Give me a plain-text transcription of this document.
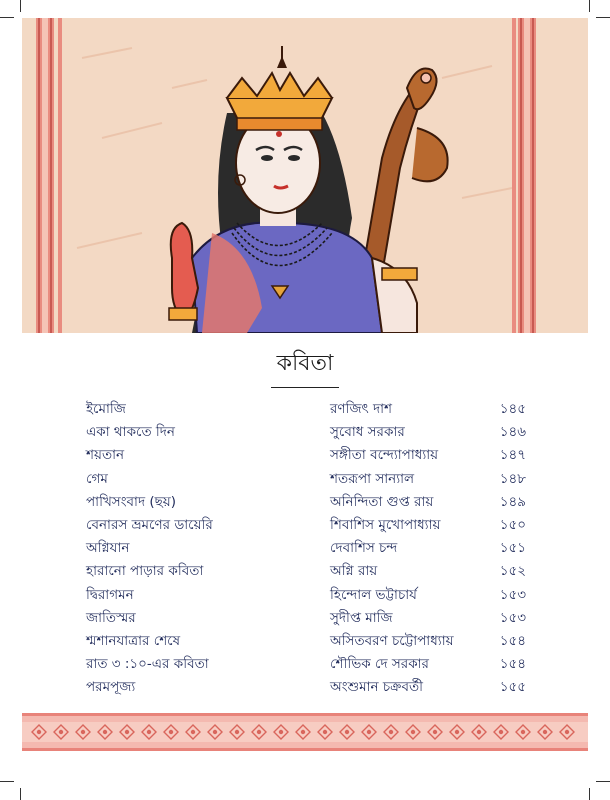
কবিতা
ইমোজি	রণজিৎ দাশ	১৪৫
একা থাকতে দিন	সুবোধ সরকার	১৪৬
শয়তান	সঙ্গীতা বন্দ্যোপাধ্যায়	১৪৭
গেম	শতরূপা সান্যাল	১৪৮
পাখিসংবাদ (ছয়)	অনিন্দিতা গুপ্ত রায়	১৪৯
বেনারস ভ্রমণের ডায়েরি	শিবাশিস মুখোপাধ্যায়	১৫০
অগ্নিযান	দেবাশিস চন্দ	১৫১
হারানো পাড়ার কবিতা	অগ্নি রায়	১৫২
দ্বিরাগমন	হিন্দোল ভট্টাচার্য	১৫৩
জাতিস্মর	সুদীপ্ত মাজি	১৫৩
শ্মশানযাত্রার শেষে	অসিতবরণ চট্টোপাধ্যায়	১৫৪
রাত ৩ :১০-এর কবিতা	শৌভিক দে সরকার	১৫৪
পরমপূজ্য	অংশুমান চক্রবর্তী	১৫৫
